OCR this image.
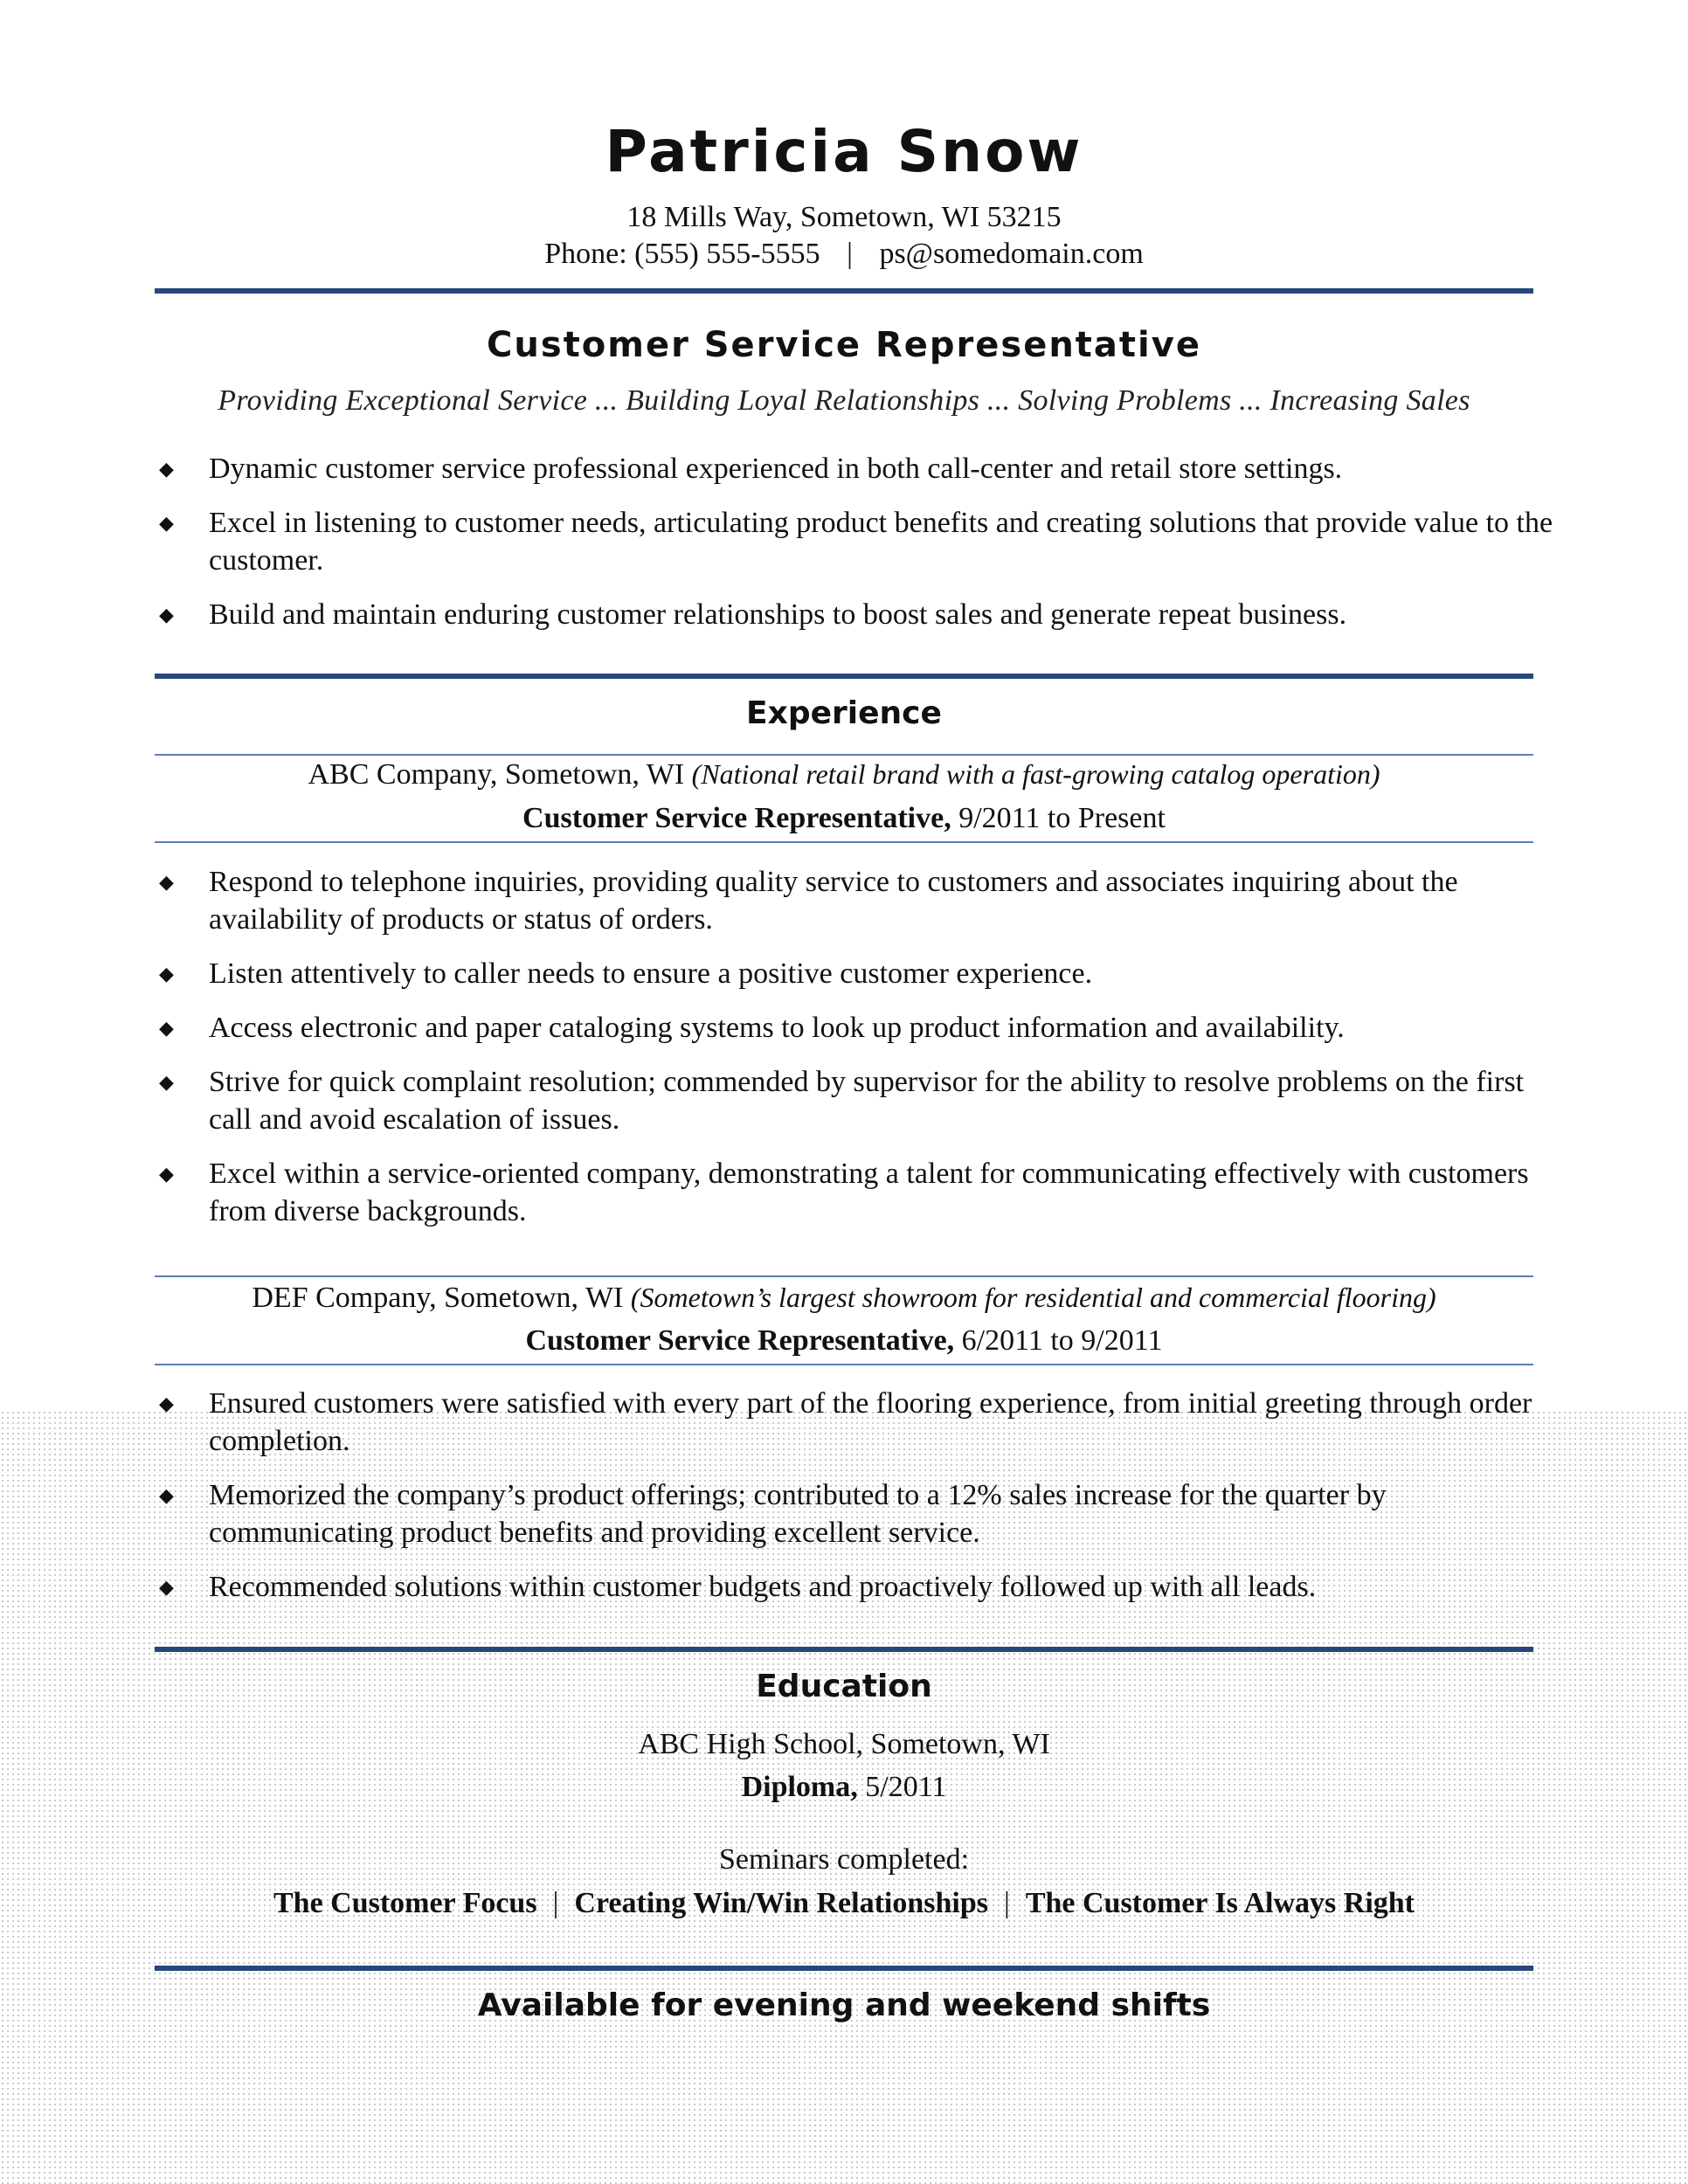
Patricia Snow
18 Mills Way, Sometown, WI 53215
Phone: (555) 555-5555 | ps@somedomain.com
Customer Service Representative
Providing Exceptional Service ... Building Loyal Relationships ... Solving Problems ... Increasing Sales
◆ Dynamic customer service professional experienced in both call-center and retail store settings.
◆ Excel in listening to customer needs, articulating product benefits and creating solutions that provide value to the customer.
◆ Build and maintain enduring customer relationships to boost sales and generate repeat business.
Experience
ABC Company, Sometown, WI (National retail brand with a fast-growing catalog operation)
Customer Service Representative, 9/2011 to Present
◆ Respond to telephone inquiries, providing quality service to customers and associates inquiring about the availability of products or status of orders.
◆ Listen attentively to caller needs to ensure a positive customer experience.
◆ Access electronic and paper cataloging systems to look up product information and availability.
◆ Strive for quick complaint resolution; commended by supervisor for the ability to resolve problems on the first call and avoid escalation of issues.
◆ Excel within a service-oriented company, demonstrating a talent for communicating effectively with customers from diverse backgrounds.
DEF Company, Sometown, WI (Sometown’s largest showroom for residential and commercial flooring)
Customer Service Representative, 6/2011 to 9/2011
◆ Ensured customers were satisfied with every part of the flooring experience, from initial greeting through order completion.
◆ Memorized the company’s product offerings; contributed to a 12% sales increase for the quarter by communicating product benefits and providing excellent service.
◆ Recommended solutions within customer budgets and proactively followed up with all leads.
Education
ABC High School, Sometown, WI
Diploma, 5/2011
Seminars completed:
The Customer Focus | Creating Win/Win Relationships | The Customer Is Always Right
Available for evening and weekend shifts
